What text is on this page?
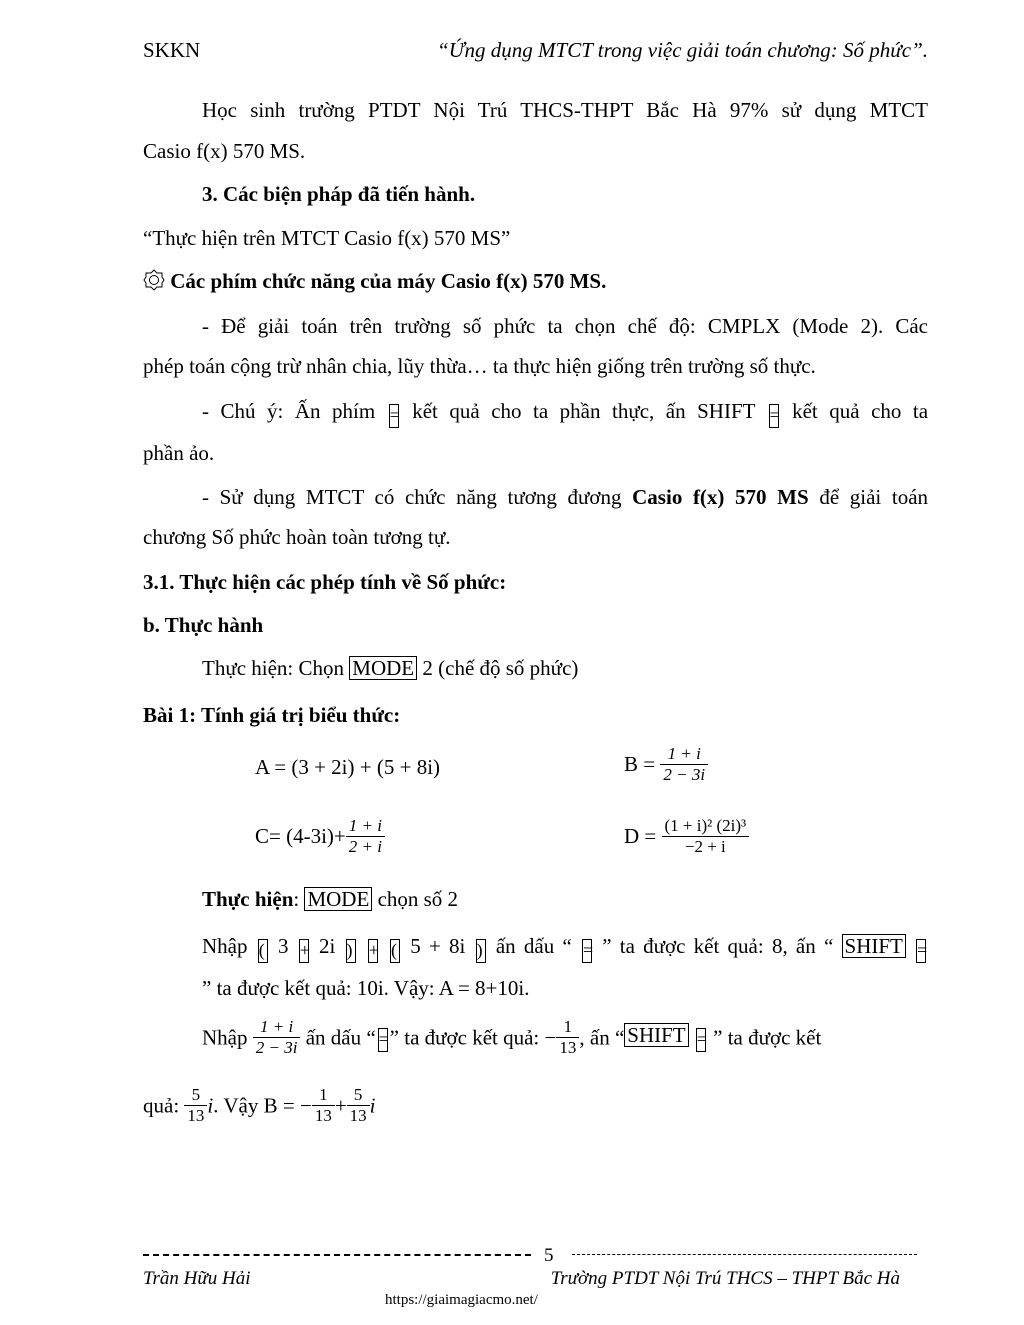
SKKN	“Ứng dụng MTCT trong việc giải toán chương: Số phức”.
Học sinh trường PTDT Nội Trú THCS-THPT Bắc Hà 97% sử dụng MTCT
Casio f(x) 570 MS.
3. Các biện pháp đã tiến hành.
“Thực hiện trên MTCT Casio f(x) 570 MS”
Các phím chức năng của máy Casio f(x) 570 MS.
- Để giải toán trên trường số phức ta chọn chế độ: CMPLX (Mode 2). Các
phép toán cộng trừ nhân chia, lũy thừa… ta thực hiện giống trên trường số thực.
- Chú ý: Ấn phím = kết quả cho ta phần thực, ấn SHIFT = kết quả cho ta
phần ảo.
- Sử dụng MTCT có chức năng tương đương Casio f(x) 570 MS để giải toán
chương Số phức hoàn toàn tương tự.
3.1. Thực hiện các phép tính về Số phức:
b. Thực hành
Thực hiện: Chọn MODE 2 (chế độ số phức)
Bài 1: Tính giá trị biểu thức:
A = (3 + 2i) + (5 + 8i)	$B = \frac{1 + i}{2 - 3i}$
$C= (4-3i)+ \frac{1 + i}{2 + i}$	$D = \frac{\text{(1 + i)² (2i)³}}{-2 + i}$
Thực hiện: MODE chọn số 2
Nhập ( 3 + 2i ) + ( 5 + 8i ) ấn dấu “ = ” ta được kết quả: 8, ấn “ SHIFT =
” ta được kết quả: 10i. Vậy: A = 8+10i.
Nhập $\frac{1 + i}{2 - 3i}$ ấn dấu “ =” ta được kết quả: − $\frac{1}{13}$ , ấn “ SHIFT = ” ta được kết
quả: $\frac{5}{13} i$. Vậy B = − $\frac{1}{13} + \frac{5}{13}$ i
5
Trần Hữu Hải	Trường PTDT Nội Trú THCS – THPT Bắc Hà
https://giaimagiacmo.net/
